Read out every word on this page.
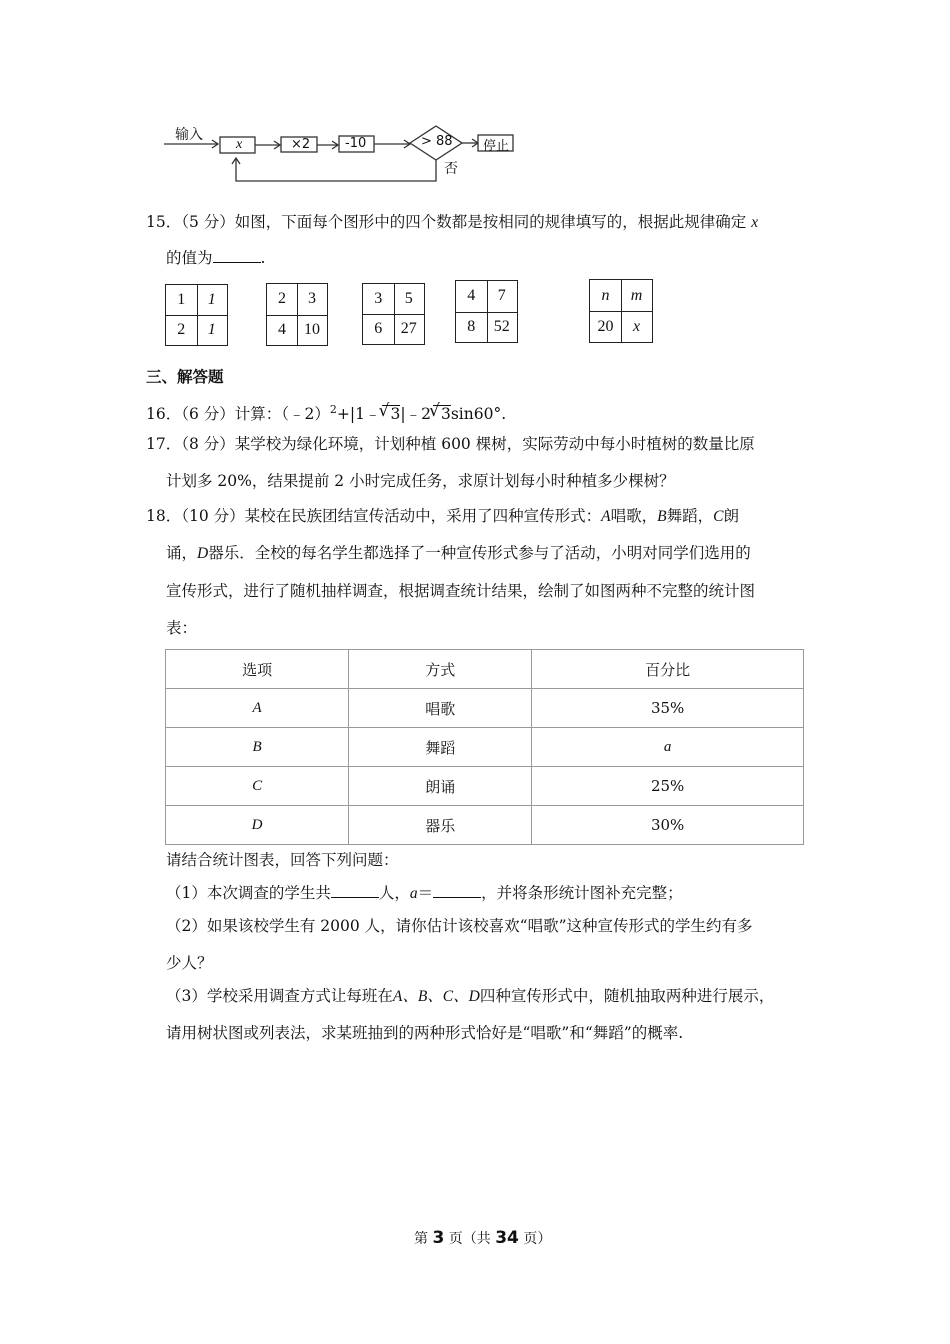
输入
x	×2	-10	> 88 停止
否
15．（5 分）如图，下面每个图形中的四个数都是按相同的规律填写的，根据此规律确定 x
的值为	.
1	1
2	1
2	3
4	10
3	5
6	27
4	7
8	52
n	m
20	x
三、解答题
16．（6 分）计算：（﹣2）$^2$+|1﹣ √ 3|﹣2 √ 3sin60°.
17．（8 分）某学校为绿化环境，计划种植 600 棵树，实际劳动中每小时植树的数量比原
计划多 20%，结果提前 2 小时完成任务，求原计划每小时种植多少棵树？
18．（10 分）某校在民族团结宣传活动中，采用了四种宣传形式：A唱歌，B舞蹈，C朗
诵，D器乐．全校的每名学生都选择了一种宣传形式参与了活动，小明对同学们选用的
宣传形式，进行了随机抽样调查，根据调查统计结果，绘制了如图两种不完整的统计图
表：
选项	方式	百分比
A	唱歌	35%
B	舞蹈	a
C	朗诵	25%
D	器乐	30%
请结合统计图表，回答下列问题：
（1）本次调查的学生共	人，a＝	，并将条形统计图补充完整；
（2）如果该校学生有 2000 人，请你估计该校喜欢“唱歌”这种宣传形式的学生约有多
少人？
（3）学校采用调查方式让每班在A、B、C、D四种宣传形式中，随机抽取两种进行展示，
请用树状图或列表法，求某班抽到的两种形式恰好是“唱歌”和“舞蹈”的概率.
第 3 页（共 34 页）
